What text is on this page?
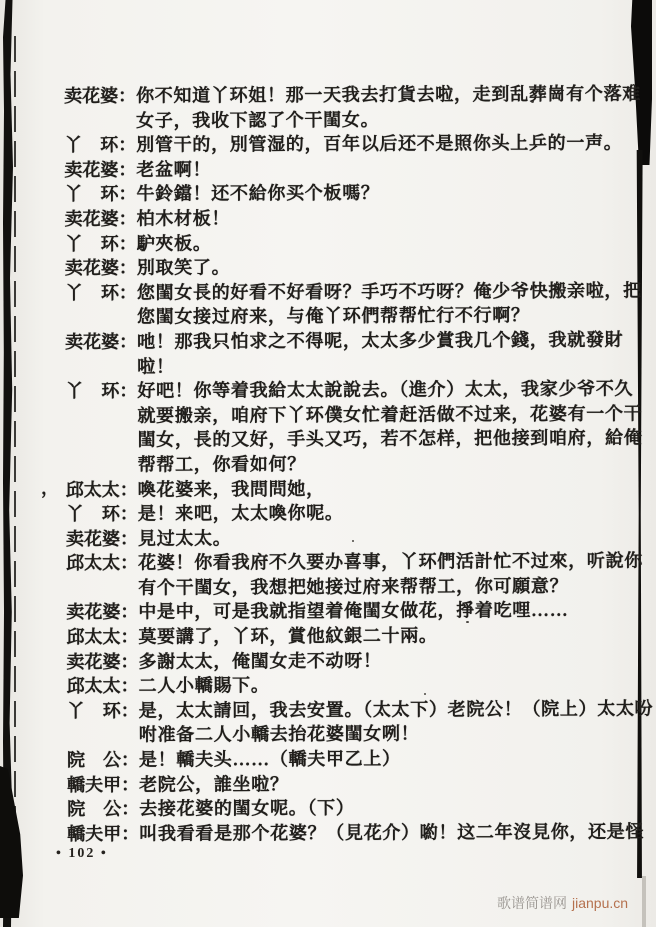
，
卖花婆： 你不知道丫环姐！那一天我去打貨去啦，走到乱葬崗有个落难
女子，我收下認了个干閨女。
丫　环： 別管干的，別管湿的，百年以后还不是照你头上乒的一声。
卖花婆： 老盆啊！
丫　环： 牛鈴鐺！还不給你买个板嗎？
卖花婆： 柏木材板！
丫　环： 馿夾板。
卖花婆： 別取笑了。
丫　环： 您閨女長的好看不好看呀？手巧不巧呀？俺少爷快搬亲啦，把
您閨女接过府来，与俺丫环們帮帮忙行不行啊？
卖花婆： 吔！那我只怕求之不得呢，太太多少賞我几个錢，我就發財
啦！
丫　环： 好吧！你等着我給太太說說去。（進介）太太，我家少爷不久
就要搬亲，咱府下丫环僕女忙着赶活做不过来，花婆有一个干
閨女，長的又好，手头又巧，若不怎样，把他接到咱府，給俺
帮帮工，你看如何？
邱太太： 喚花婆来，我問問她，
丫　环： 是！来吧，太太喚你呢。
卖花婆： 見过太太。
邱太太： 花婆！你看我府不久要办喜事，丫环們活計忙不过來，听說你
有个干閨女，我想把她接过府来帮帮工，你可願意？
卖花婆： 中是中，可是我就指望着俺閨女做花，掙着吃哩……
邱太太： 莫要講了，丫环，賞他紋銀二十兩。
卖花婆： 多謝太太，俺閨女走不动呀！
邱太太： 二人小轎賜下。
丫　环： 是，太太請回，我去安置。（太太下）老院公！（院上）太太吩
咐准备二人小轎去抬花婆閨女咧！
院　公： 是！轎夫头……（轎夫甲乙上）
轎夫甲： 老院公，誰坐啦？
院　公： 去接花婆的閨女呢。（下）
轎夫甲： 叫我看看是那个花婆？（見花介）喲！这二年沒見你，还是怪
• 102 •
歌谱简谱网 jianpu.cn
